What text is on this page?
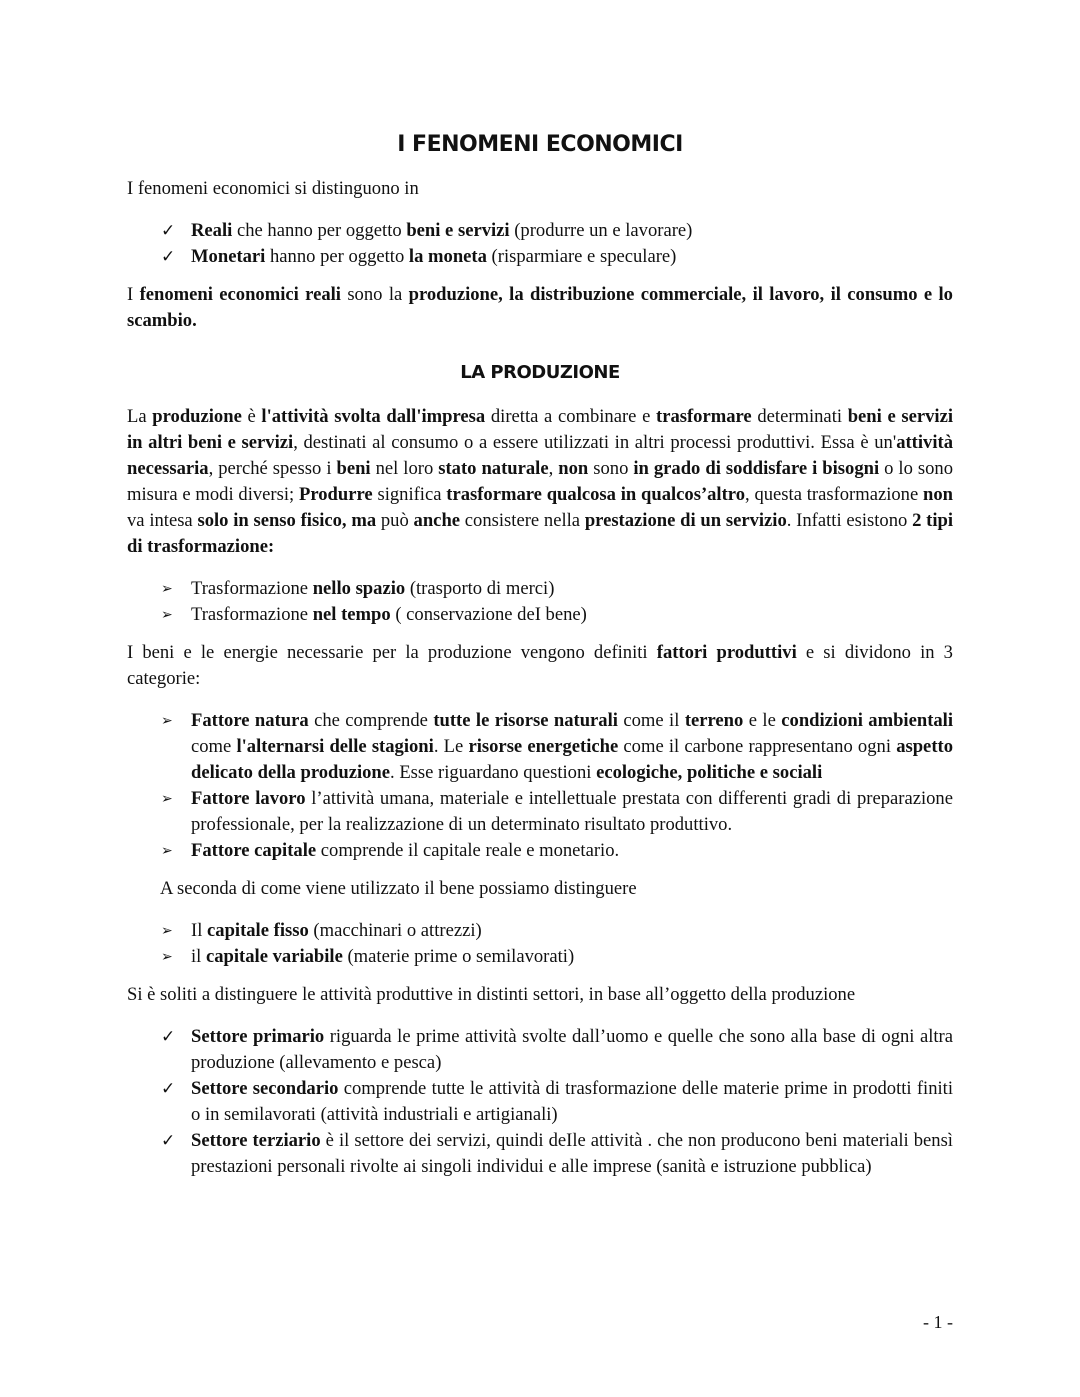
I FENOMENI ECONOMICI

I fenomeni economici si distinguono in

✓ Reali che hanno per oggetto beni e servizi (produrre un e lavorare)
✓ Monetari hanno per oggetto la moneta (risparmiare e speculare)

I fenomeni economici reali sono la produzione, la distribuzione commerciale, il lavoro, il consumo e lo scambio.

LA PRODUZIONE

La produzione è l'attività svolta dall'impresa diretta a combinare e trasformare determinati beni e servizi in altri beni e servizi, destinati al consumo o a essere utilizzati in altri processi produttivi. Essa è un'attività necessaria, perché spesso i beni nel loro stato naturale, non sono in grado di soddisfare i bisogni o lo sono misura e modi diversi; Produrre significa trasformare qualcosa in qualcos’altro, questa trasformazione non va intesa solo in senso fisico, ma può anche consistere nella prestazione di un servizio. Infatti esistono 2 tipi di trasformazione:

➢ Trasformazione nello spazio (trasporto di merci)
➢ Trasformazione nel tempo ( conservazione deI bene)

I beni e le energie necessarie per la produzione vengono definiti fattori produttivi e si dividono in 3 categorie:

➢ Fattore natura che comprende tutte le risorse naturali come il terreno e le condizioni ambientali come l'alternarsi delle stagioni. Le risorse energetiche come il carbone rappresentano ogni aspetto delicato della produzione. Esse riguardano questioni ecologiche, politiche e sociali
➢ Fattore lavoro l’attività umana, materiale e intellettuale prestata con differenti gradi di preparazione professionale, per la realizzazione di un determinato risultato produttivo.
➢ Fattore capitale comprende il capitale reale e monetario.

A seconda di come viene utilizzato il bene possiamo distinguere

➢ Il capitale fisso (macchinari o attrezzi)
➢ il capitale variabile (materie prime o semilavorati)

Si è soliti a distinguere le attività produttive in distinti settori, in base all’oggetto della produzione

✓ Settore primario riguarda le prime attività svolte dall’uomo e quelle che sono alla base di ogni altra produzione (allevamento e pesca)
✓ Settore secondario comprende tutte le attività di trasformazione delle materie prime in prodotti finiti o in semilavorati (attività industriali e artigianali)
✓ Settore terziario è il settore dei servizi, quindi deIle attività . che non producono beni materiali bensì prestazioni personali rivolte ai singoli individui e alle imprese (sanità e istruzione pubblica)
- 1 -
